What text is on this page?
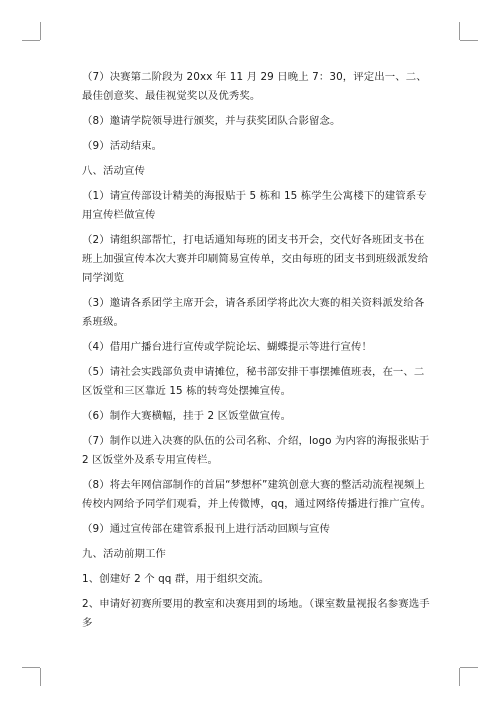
（7）决赛第二阶段为 20xx 年 11 月 29 日晚上 7：30，评定出一、二、最佳创意奖、最佳视觉奖以及优秀奖。

（8）邀请学院领导进行颁奖，并与获奖团队合影留念。

（9）活动结束。

八、活动宣传

（1）请宣传部设计精美的海报贴于 5 栋和 15 栋学生公寓楼下的建管系专用宣传栏做宣传

（2）请组织部帮忙，打电话通知每班的团支书开会，交代好各班团支书在班上加强宣传本次大赛并印刷简易宣传单，交由每班的团支书到班级派发给同学浏览

（3）邀请各系团学主席开会，请各系团学将此次大赛的相关资料派发给各系班级。

（4）借用广播台进行宣传或学院论坛、蝴蝶提示等进行宣传！

（5）请社会实践部负责申请摊位，秘书部安排干事摆摊值班表，在一、二区饭堂和三区靠近 15 栋的转弯处摆摊宣传。

（6）制作大赛横幅，挂于 2 区饭堂做宣传。

（7）制作以进入决赛的队伍的公司名称、介绍，logo 为内容的海报张贴于 2 区饭堂外及系专用宣传栏。

（8）将去年网信部制作的首届“梦想杯”建筑创意大赛的整活动流程视频上传校内网给予同学们观看，并上传微博，qq，通过网络传播进行推广宣传。

（9）通过宣传部在建管系报刊上进行活动回顾与宣传

九、活动前期工作

1、创建好 2 个 qq 群，用于组织交流。

2、申请好初赛所要用的教室和决赛用到的场地。（课室数量视报名参赛选手多
